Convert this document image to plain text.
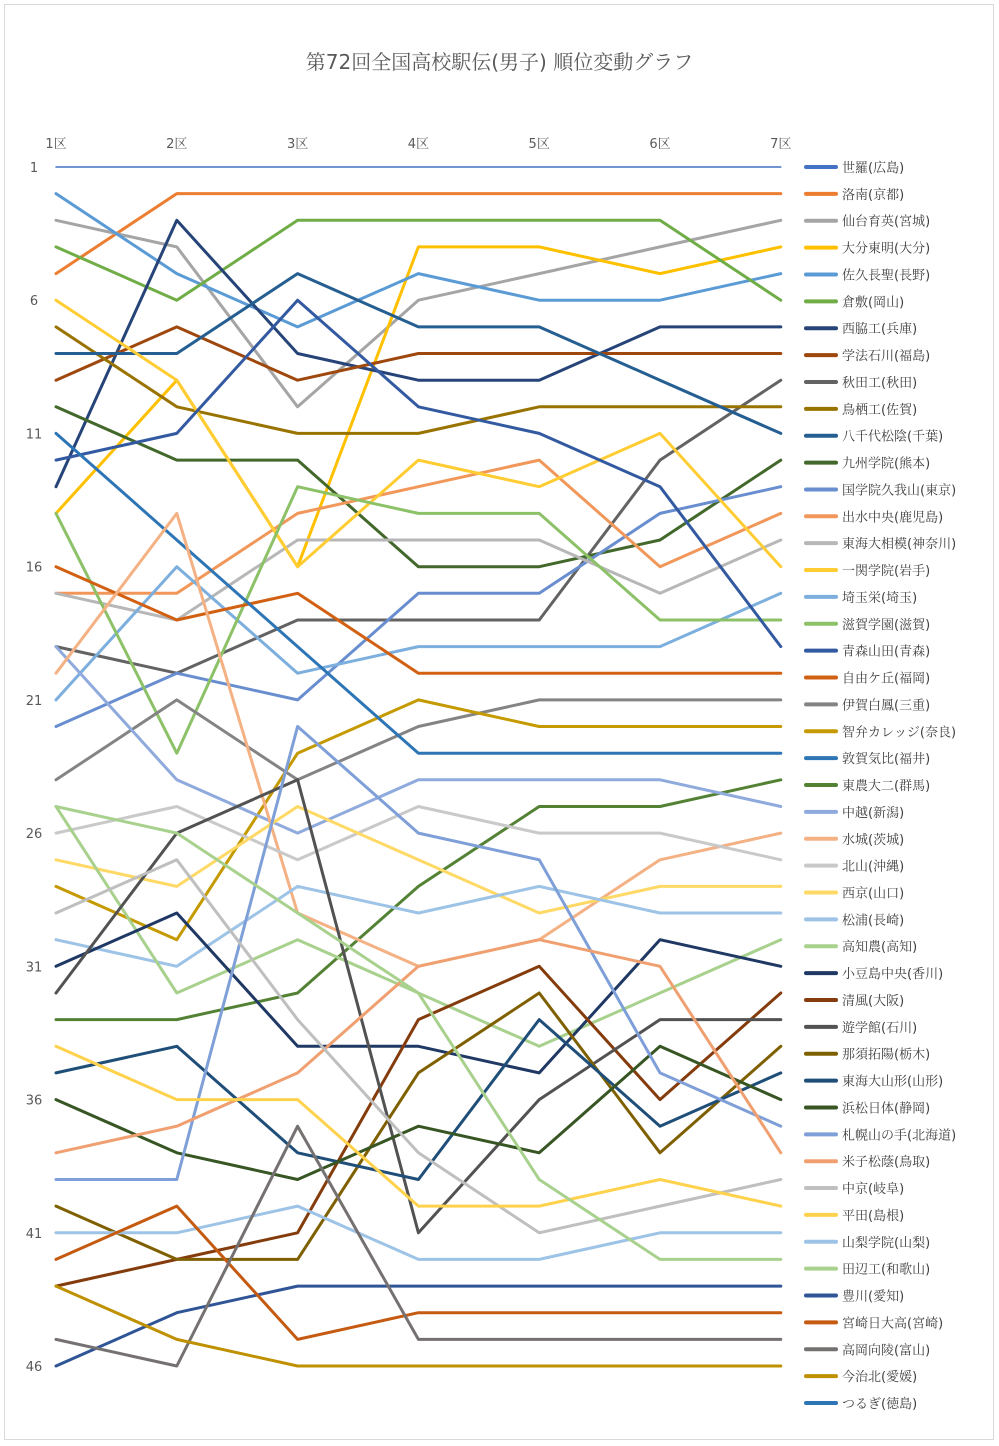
第72回全国高校駅伝(男子) 順位変動グラフ
1区	2区	3区	4区	5区	6区	7区
1
6
11
16
21
26
31
36
41
46
世羅(広島)
洛南(京都)
仙台育英(宮城)
大分東明(大分)
佐久長聖(長野)
倉敷(岡山)
西脇工(兵庫)
学法石川(福島)
秋田工(秋田)
鳥栖工(佐賀)
八千代松陰(千葉)
九州学院(熊本)
国学院久我山(東京)
出水中央(鹿児島)
東海大相模(神奈川)
一関学院(岩手)
埼玉栄(埼玉)
滋賀学園(滋賀)
青森山田(青森)
自由ケ丘(福岡)
伊賀白鳳(三重)
智弁カレッジ(奈良)
敦賀気比(福井)
東農大二(群馬)
中越(新潟)
水城(茨城)
北山(沖縄)
西京(山口)
松浦(長崎)
高知農(高知)
小豆島中央(香川)
清風(大阪)
遊学館(石川)
那須拓陽(栃木)
東海大山形(山形)
浜松日体(静岡)
札幌山の手(北海道)
米子松蔭(鳥取)
中京(岐阜)
平田(島根)
山梨学院(山梨)
田辺工(和歌山)
豊川(愛知)
宮崎日大高(宮崎)
高岡向陵(富山)
今治北(愛媛)
つるぎ(徳島)
